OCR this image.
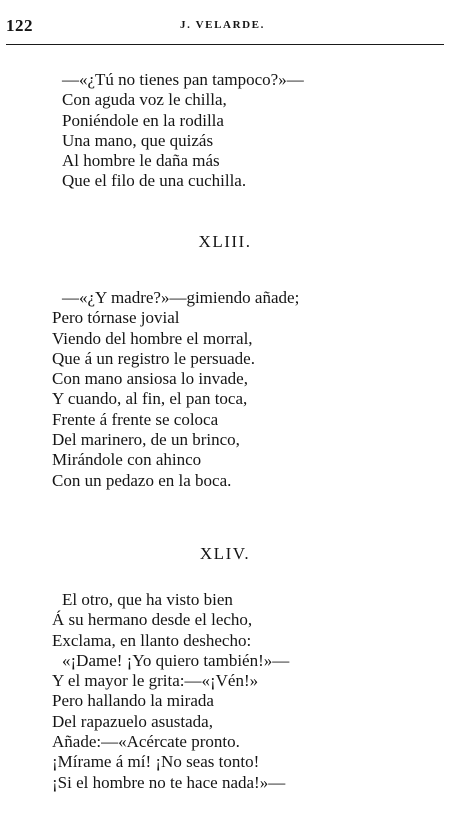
122	J. VELARDE.
—«¿Tú no tienes pan tampoco?»—
Con aguda voz le chilla,
Poniéndole en la rodilla
Una mano, que quizás
Al hombre le daña más
Que el filo de una cuchilla.
XLIII.
—«¿Y madre?»—gimiendo añade;
Pero tórnase jovial
Viendo del hombre el morral,
Que á un registro le persuade.
Con mano ansiosa lo invade,
Y cuando, al fin, el pan toca,
Frente á frente se coloca
Del marinero, de un brinco,
Mirándole con ahinco
Con un pedazo en la boca.
XLIV.
El otro, que ha visto bien
Á su hermano desde el lecho,
Exclama, en llanto deshecho:
«¡Dame! ¡Yo quiero también!»—
Y el mayor le grita:—«¡Vén!»
Pero hallando la mirada
Del rapazuelo asustada,
Añade:—«Acércate pronto.
¡Mírame á mí! ¡No seas tonto!
¡Si el hombre no te hace nada!»—
